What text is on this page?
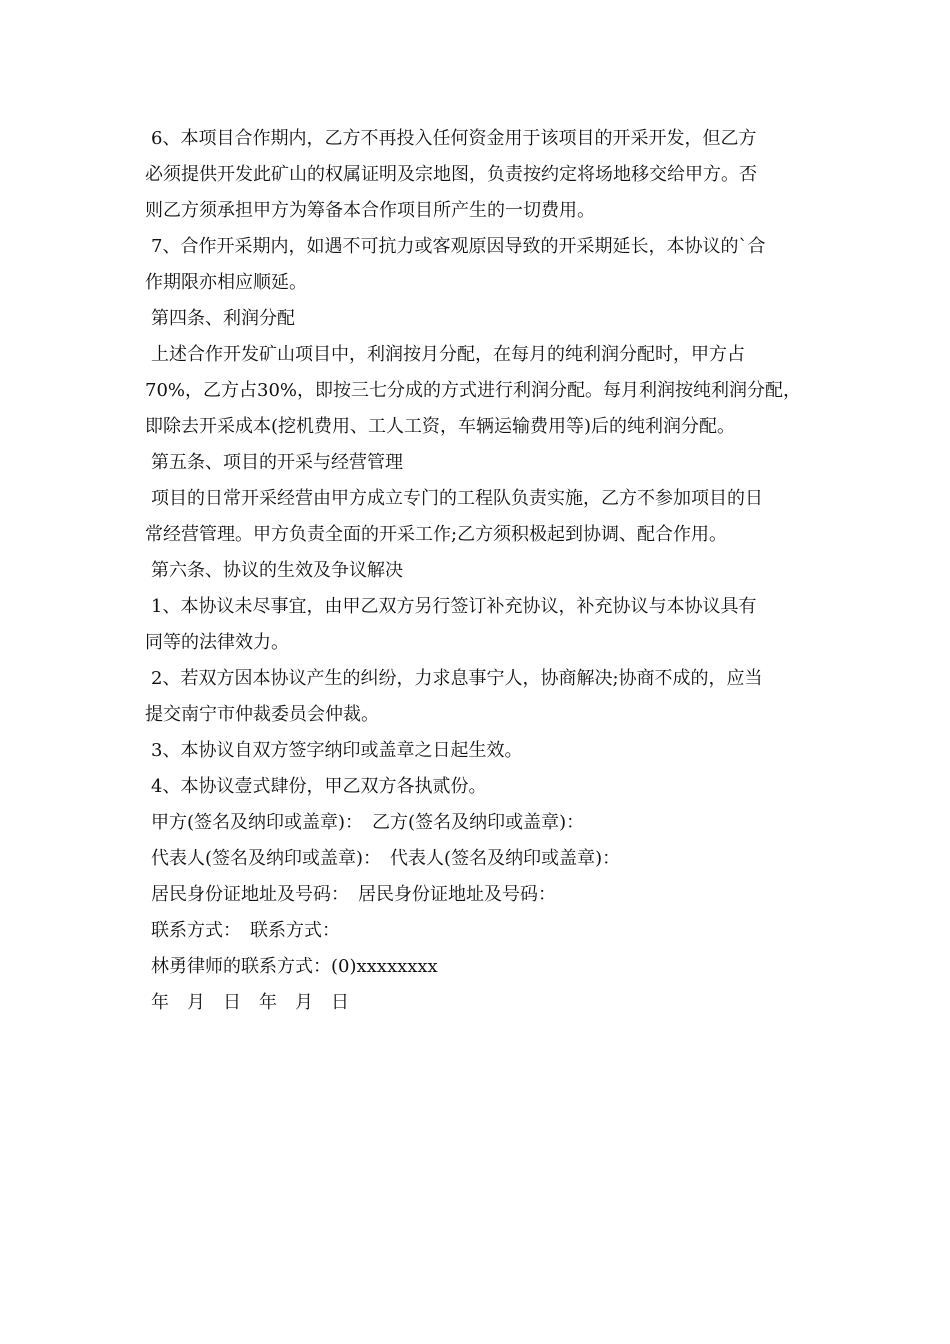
6、本项目合作期内，乙方不再投入任何资金用于该项目的开采开发，但乙方

必须提供开发此矿山的权属证明及宗地图，负责按约定将场地移交给甲方。否

则乙方须承担甲方为筹备本合作项目所产生的一切费用。

7、合作开采期内，如遇不可抗力或客观原因导致的开采期延长，本协议的`合

作期限亦相应顺延。

第四条、利润分配

上述合作开发矿山项目中，利润按月分配，在每月的纯利润分配时，甲方占

70%，乙方占30%，即按三七分成的方式进行利润分配。每月利润按纯利润分配，

即除去开采成本(挖机费用、工人工资，车辆运输费用等)后的纯利润分配。

第五条、项目的开采与经营管理

项目的日常开采经营由甲方成立专门的工程队负责实施，乙方不参加项目的日

常经营管理。甲方负责全面的开采工作;乙方须积极起到协调、配合作用。

第六条、协议的生效及争议解决

1、本协议未尽事宜，由甲乙双方另行签订补充协议，补充协议与本协议具有

同等的法律效力。

2、若双方因本协议产生的纠纷，力求息事宁人，协商解决;协商不成的，应当

提交南宁市仲裁委员会仲裁。

3、本协议自双方签字纳印或盖章之日起生效。

4、本协议壹式肆份，甲乙双方各执贰份。

甲方(签名及纳印或盖章)：　乙方(签名及纳印或盖章)：

代表人(签名及纳印或盖章)：　代表人(签名及纳印或盖章)：

居民身份证地址及号码：　居民身份证地址及号码：

联系方式：　联系方式：

林勇律师的联系方式：(0)xxxxxxxx

年　月　日　年　月　日
